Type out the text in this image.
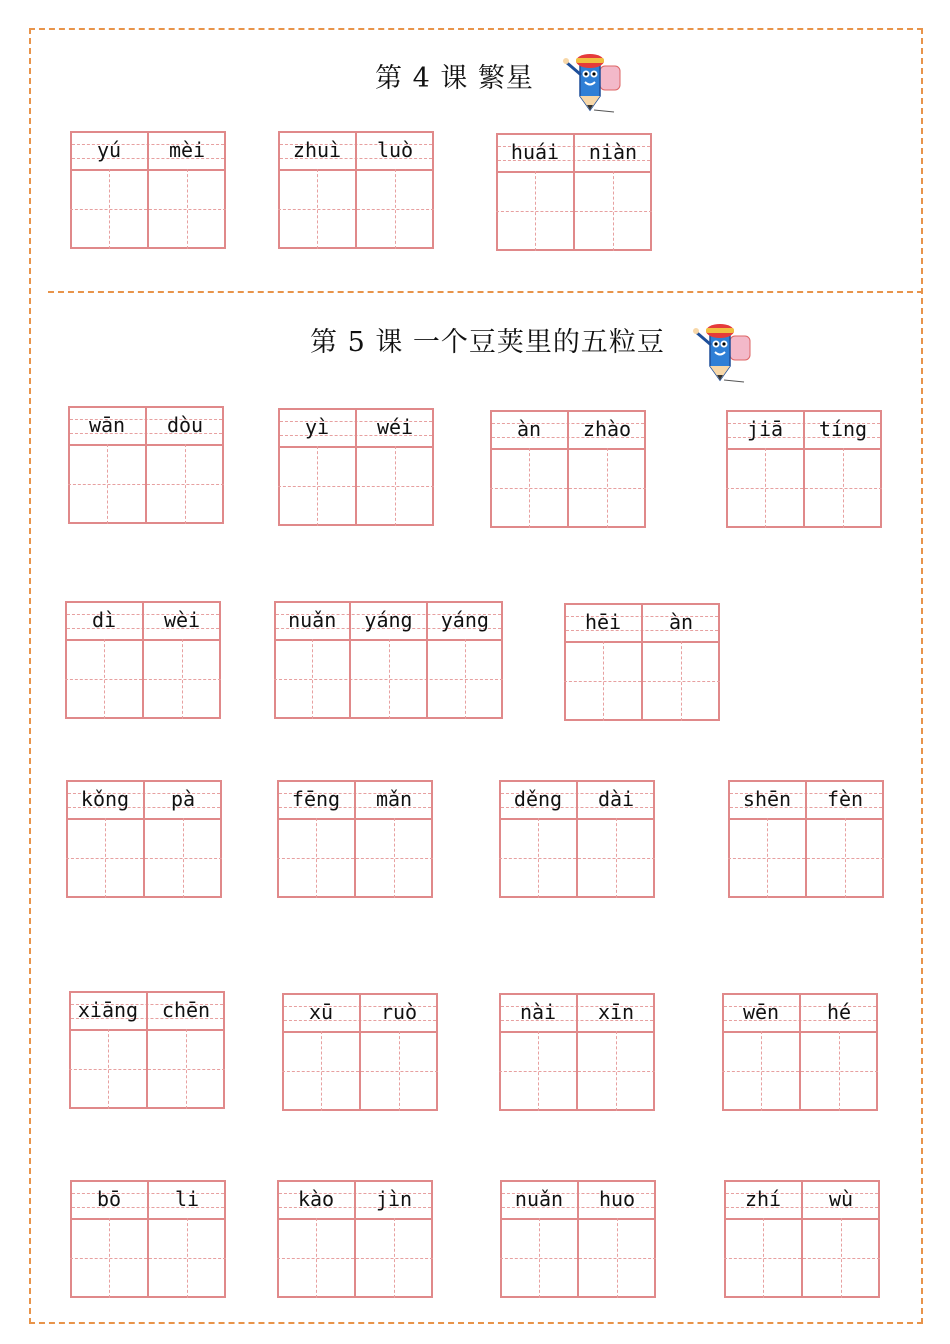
第 4 课 繁星
第 5 课 一个豆荚里的五粒豆
yú	mèi	zhuì	luò	huái	niàn
wān	dòu	yì	wéi	àn	zhào	jiā	tíng
dì	wèi	nuǎn	yáng	yáng	hēi	àn
kǒng	pà	fēng	mǎn	děng	dài	shēn	fèn
xiāng	chēn	xū	ruò	nài	xīn	wēn	hé
bō	li	kào	jìn	nuǎn	huo	zhí	wù
